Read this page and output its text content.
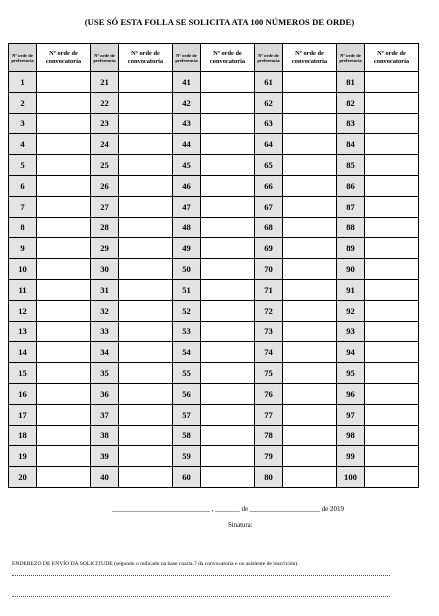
(USE SÓ ESTA FOLLA SE SOLICITA ATA 100 NÚMEROS DE ORDE)
Nº orde de preferencia	Nº orde de convocatoria	Nº orde de preferencia	Nº orde de convocatoria	Nº orde de preferencia	Nº orde de convocatoria	Nº orde de preferencia	Nº orde de convocatoria	Nº orde de preferencia	Nº orde de convocatoria
1		21		41		61		81	
2		22		42		62		82	
3		23		43		63		83	
4		24		44		64		84	
5		25		45		65		85	
6		26		46		66		86	
7		27		47		67		87	
8		28		48		68		88	
9		29		49		69		89	
10		30		50		70		90	
11		31		51		71		91	
12		32		52		72		92	
13		33		53		73		93	
14		34		54		74		94	
15		35		55		75		95	
16		36		56		76		96	
17		37		57		77		97	
18		38		58		78		98	
19		39		59		79		99	
20		40		60		80		100	
____________________________ , _______ de ____________________ de 2019
Sinatura:
ENDEREZO DE ENVÍO DA SOLICITUDE (segundo o indicado na base cuarta.7 da convocatoria e no asistente de inscrición).
